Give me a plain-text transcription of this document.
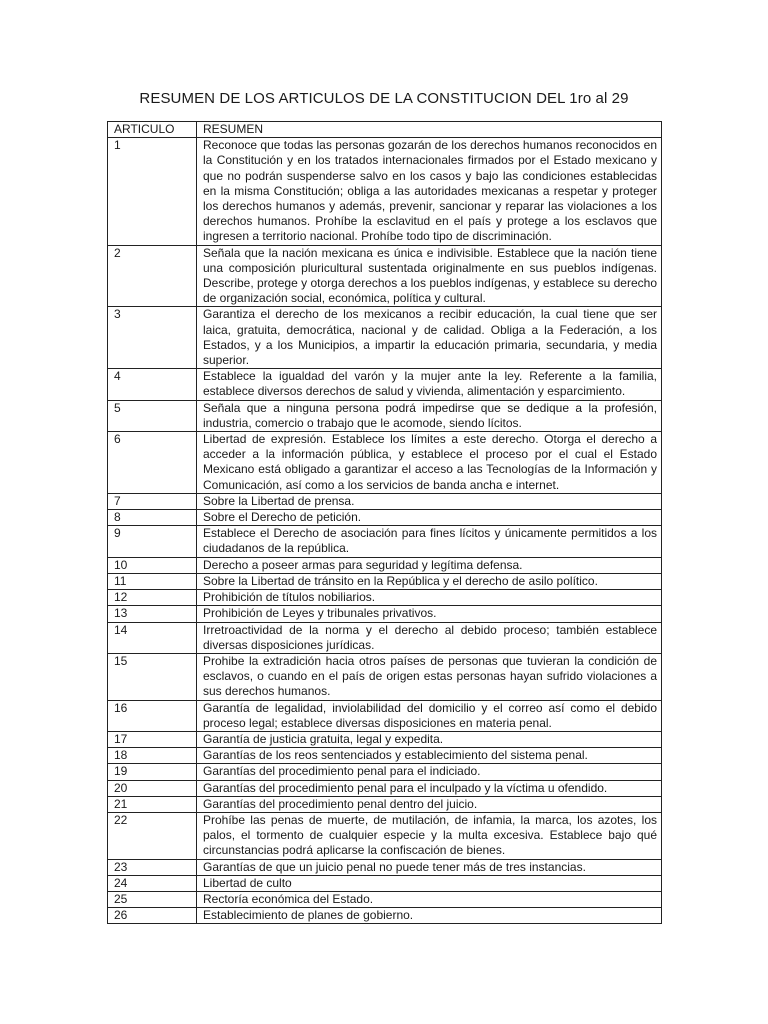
RESUMEN DE LOS ARTICULOS DE LA CONSTITUCION DEL 1ro al 29
ARTICULO	RESUMEN
1	Reconoce que todas las personas gozarán de los derechos humanos reconocidos en la Constitución y en los tratados internacionales firmados por el Estado mexicano y que no podrán suspenderse salvo en los casos y bajo las condiciones establecidas en la misma Constitución; obliga a las autoridades mexicanas a respetar y proteger los derechos humanos y además, prevenir, sancionar y reparar las violaciones a los derechos humanos. Prohíbe la esclavitud en el país y protege a los esclavos que ingresen a territorio nacional. Prohíbe todo tipo de discriminación.
2	Señala que la nación mexicana es única e indivisible. Establece que la nación tiene una composición pluricultural sustentada originalmente en sus pueblos indígenas. Describe, protege y otorga derechos a los pueblos indígenas, y establece su derecho de organización social, económica, política y cultural.
3	Garantiza el derecho de los mexicanos a recibir educación, la cual tiene que ser laica, gratuita, democrática, nacional y de calidad. Obliga a la Federación, a los Estados, y a los Municipios, a impartir la educación primaria, secundaria, y media superior.
4	Establece la igualdad del varón y la mujer ante la ley. Referente a la familia, establece diversos derechos de salud y vivienda, alimentación y esparcimiento.
5	Señala que a ninguna persona podrá impedirse que se dedique a la profesión, industria, comercio o trabajo que le acomode, siendo lícitos.
6	Libertad de expresión. Establece los límites a este derecho. Otorga el derecho a acceder a la información pública, y establece el proceso por el cual el Estado Mexicano está obligado a garantizar el acceso a las Tecnologías de la Información y Comunicación, así como a los servicios de banda ancha e internet.
7	Sobre la Libertad de prensa.
8	Sobre el Derecho de petición.
9	Establece el Derecho de asociación para fines lícitos y únicamente permitidos a los ciudadanos de la república.
10	Derecho a poseer armas para seguridad y legítima defensa.
11	Sobre la Libertad de tránsito en la República y el derecho de asilo político.
12	Prohibición de títulos nobiliarios.
13	Prohibición de Leyes y tribunales privativos.
14	Irretroactividad de la norma y el derecho al debido proceso; también establece diversas disposiciones jurídicas.
15	Prohibe la extradición hacia otros países de personas que tuvieran la condición de esclavos, o cuando en el país de origen estas personas hayan sufrido violaciones a sus derechos humanos.
16	Garantía de legalidad, inviolabilidad del domicilio y el correo así como el debido proceso legal; establece diversas disposiciones en materia penal.
17	Garantía de justicia gratuita, legal y expedita.
18	Garantías de los reos sentenciados y establecimiento del sistema penal.
19	Garantías del procedimiento penal para el indiciado.
20	Garantías del procedimiento penal para el inculpado y la víctima u ofendido.
21	Garantías del procedimiento penal dentro del juicio.
22	Prohíbe las penas de muerte, de mutilación, de infamia, la marca, los azotes, los palos, el tormento de cualquier especie y la multa excesiva. Establece bajo qué circunstancias podrá aplicarse la confiscación de bienes.
23	Garantías de que un juicio penal no puede tener más de tres instancias.
24	Libertad de culto
25	Rectoría económica del Estado.
26	Establecimiento de planes de gobierno.
